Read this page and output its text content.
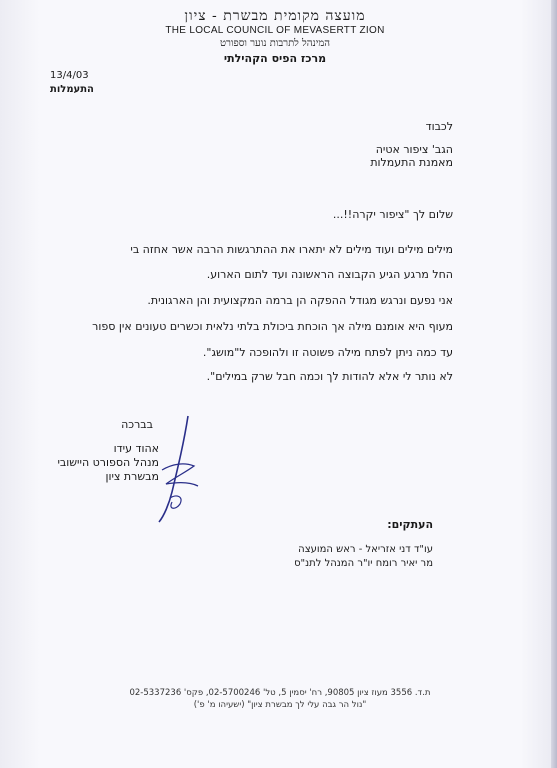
מועצה מקומית מבשרת - ציון
THE LOCAL COUNCIL OF MEVASERTT ZION
המינהל לתרבות נוער וספורט
מרכז הפיס הקהילתי
13/4/03
התעמלות
לכבוד
הגב' ציפור אטיה
מאמנת התעמלות
שלום לך "ציפור יקרה!!...
מילים מילים ועוד מילים לא יתארו את ההתרגשות הרבה אשר אחזה בי
החל מרגע הגיע הקבוצה הראשונה ועד לתום הארוע.
אני נפעם ונרגש מגודל ההפקה הן ברמה המקצועית והן הארגונית.
מעוף היא אומנם מילה אך הוכחת ביכולת בלתי נלאית וכשרים טעונים אין ספור
עד כמה ניתן לפתח מילה פשוטה זו ולהופכה ל"מושג".
לא נותר לי אלא להודות לך וכמה חבל שרק במילים".
בברכה
אהוד עידו
מנהל הספורט היישובי
מבשרת ציון
העתקים:
עו"ד דני אזריאל - ראש המועצה
מר יאיר רומח יו"ר המנהל לתנ"ס
ת.ד. 3556 מעוז ציון 90805, רח' יסמין 5, טל' 02-5700246, פקס' 02-5337236
"נול הר גבה עלי לך מבשרת ציון" (ישעיהו מ' פ')
